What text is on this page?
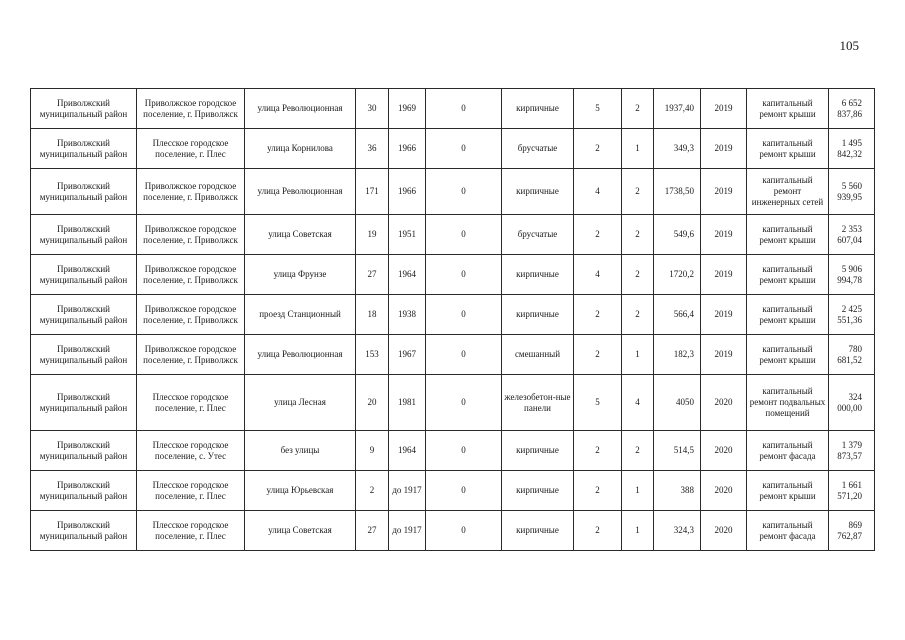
105
Приволжский муниципальный район	Приволжское городское поселение, г. Приволжск	улица Революционная	30	1969	0	кирпичные	5	2	1937,40	2019	капитальный ремонт крыши	6 652 837,86
Приволжский муниципальный район	Плесское городское поселение, г. Плес	улица Корнилова	36	1966	0	брусчатые	2	1	349,3	2019	капитальный ремонт крыши	1 495 842,32
Приволжский муниципальный район	Приволжское городское поселение, г. Приволжск	улица Революционная	171	1966	0	кирпичные	4	2	1738,50	2019	капитальный ремонт инженерных сетей	5 560 939,95
Приволжский муниципальный район	Приволжское городское поселение, г. Приволжск	улица Советская	19	1951	0	брусчатые	2	2	549,6	2019	капитальный ремонт крыши	2 353 607,04
Приволжский муниципальный район	Приволжское городское поселение, г. Приволжск	улица Фрунзе	27	1964	0	кирпичные	4	2	1720,2	2019	капитальный ремонт крыши	5 906 994,78
Приволжский муниципальный район	Приволжское городское поселение, г. Приволжск	проезд Станционный	18	1938	0	кирпичные	2	2	566,4	2019	капитальный ремонт крыши	2 425 551,36
Приволжский муниципальный район	Приволжское городское поселение, г. Приволжск	улица Революционная	153	1967	0	смешанный	2	1	182,3	2019	капитальный ремонт крыши	780 681,52
Приволжский муниципальный район	Плесское городское поселение, г. Плес	улица Лесная	20	1981	0	железобетон-ные панели	5	4	4050	2020	капитальный ремонт подвальных помещений	324 000,00
Приволжский муниципальный район	Плесское городское поселение, с. Утес	без улицы	9	1964	0	кирпичные	2	2	514,5	2020	капитальный ремонт фасада	1 379 873,57
Приволжский муниципальный район	Плесское городское поселение, г. Плес	улица Юрьевская	2	до 1917	0	кирпичные	2	1	388	2020	капитальный ремонт крыши	1 661 571,20
Приволжский муниципальный район	Плесское городское поселение, г. Плес	улица Советская	27	до 1917	0	кирпичные	2	1	324,3	2020	капитальный ремонт фасада	869 762,87
